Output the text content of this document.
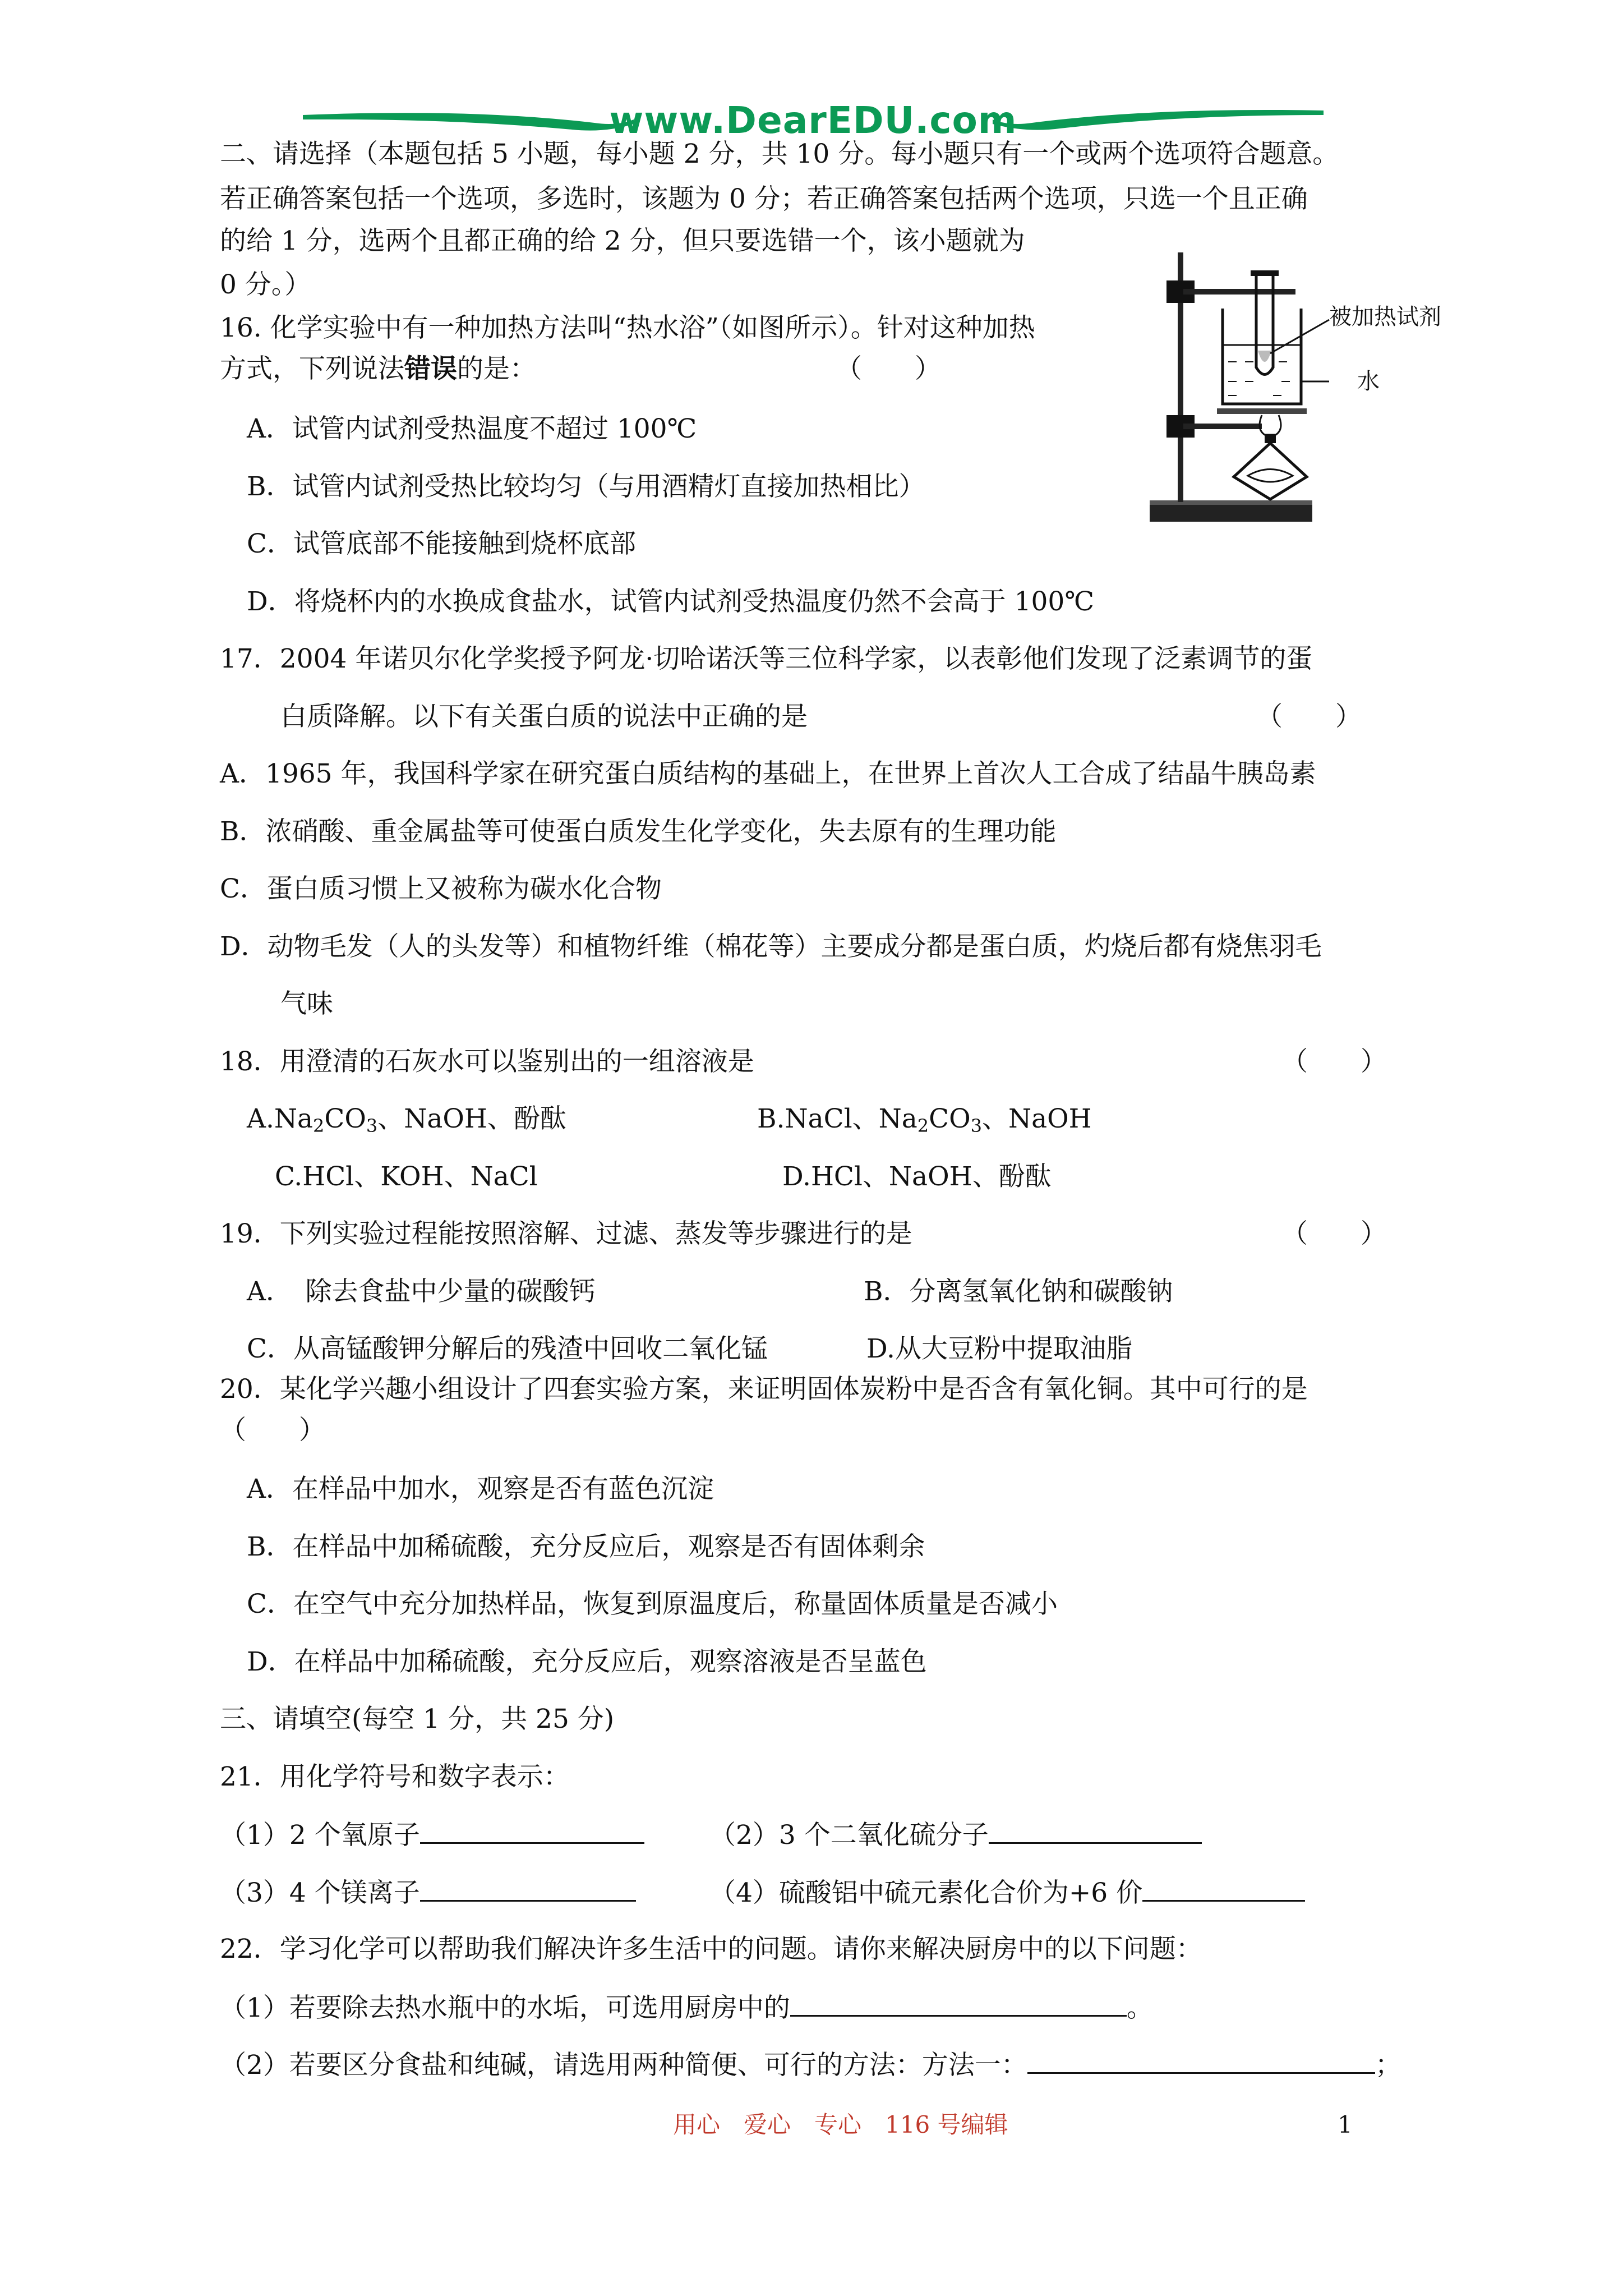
www.DearEDU.com
二、请选择（本题包括 5 小题，每小题 2 分，共 10 分。每小题只有一个或两个选项符合题意。
若正确答案包括一个选项，多选时，该题为 0 分；若正确答案包括两个选项，只选一个且正确
的给 1 分，选两个且都正确的给 2 分，但只要选错一个，该小题就为
0 分。）
16. 化学实验中有一种加热方法叫“热水浴”（如图所示）。针对这种加热
方式，下列说法错误的是：	（　　）
A．试管内试剂受热温度不超过 100℃
B．试管内试剂受热比较均匀（与用酒精灯直接加热相比）
C．试管底部不能接触到烧杯底部
D．将烧杯内的水换成食盐水，试管内试剂受热温度仍然不会高于 100℃
被加热试剂
水
17．2004 年诺贝尔化学奖授予阿龙·切哈诺沃等三位科学家，以表彰他们发现了泛素调节的蛋
白质降解。以下有关蛋白质的说法中正确的是	（　　）
A．1965 年，我国科学家在研究蛋白质结构的基础上，在世界上首次人工合成了结晶牛胰岛素
B．浓硝酸、重金属盐等可使蛋白质发生化学变化，失去原有的生理功能
C．蛋白质习惯上又被称为碳水化合物
D．动物毛发（人的头发等）和植物纤维（棉花等）主要成分都是蛋白质，灼烧后都有烧焦羽毛
气味
18．用澄清的石灰水可以鉴别出的一组溶液是	（　　）
$A.Na_2CO_3$、NaOH、酚酞	B.NaCl、$Na_2CO_3$、NaOH
C.HCl、KOH、NaCl	D.HCl、NaOH、酚酞
19．下列实验过程能按照溶解、过滤、蒸发等步骤进行的是	（　　）
A．　除去食盐中少量的碳酸钙	B．分离氢氧化钠和碳酸钠
C．从高锰酸钾分解后的残渣中回收二氧化锰	D.从大豆粉中提取油脂
20．某化学兴趣小组设计了四套实验方案，来证明固体炭粉中是否含有氧化铜。其中可行的是
（　　）
A．在样品中加水，观察是否有蓝色沉淀
B．在样品中加稀硫酸，充分反应后，观察是否有固体剩余
C．在空气中充分加热样品，恢复到原温度后，称量固体质量是否减小
D．在样品中加稀硫酸，充分反应后，观察溶液是否呈蓝色
三、请填空(每空 1 分，共 25 分)
21．用化学符号和数字表示：
（1）2 个氧原子	（2）3 个二氧化硫分子
（3）4 个镁离子	（4）硫酸铝中硫元素化合价为+6 价
22．学习化学可以帮助我们解决许多生活中的问题。请你来解决厨房中的以下问题：
（1）若要除去热水瓶中的水垢，可选用厨房中的	。
（2）若要区分食盐和纯碱，请选用两种简便、可行的方法：方法一：	；
用心　爱心　专心　116 号编辑	1
